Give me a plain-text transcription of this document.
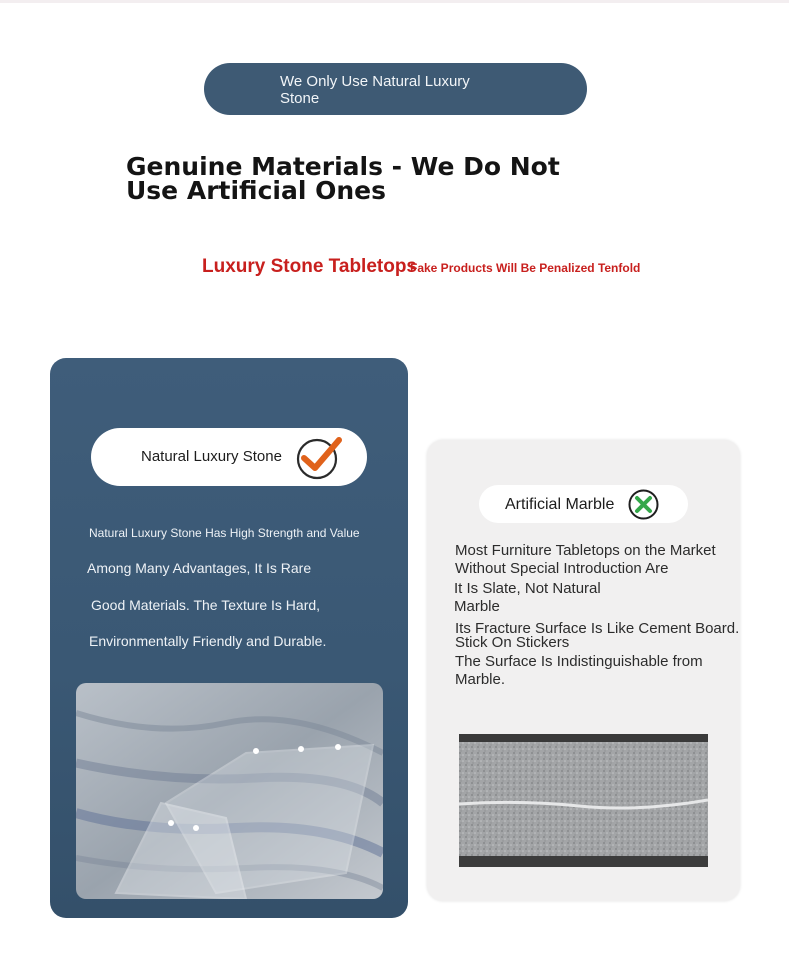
We Only Use Natural Luxury Stone
Genuine Materials - We Do Not Use Artificial Ones
Luxury Stone Tabletops
Fake Products Will Be Penalized Tenfold
Natural Luxury Stone
Natural Luxury Stone Has High Strength and Value
Among Many Advantages, It Is Rare
Good Materials. The Texture Is Hard,
Environmentally Friendly and Durable.
Artificial Marble
Most Furniture Tabletops on the Market Without Special Introduction Are
It Is Slate, Not Natural Marble
Its Fracture Surface Is Like Cement Board.
Stick On Stickers
The Surface Is Indistinguishable from Marble.
